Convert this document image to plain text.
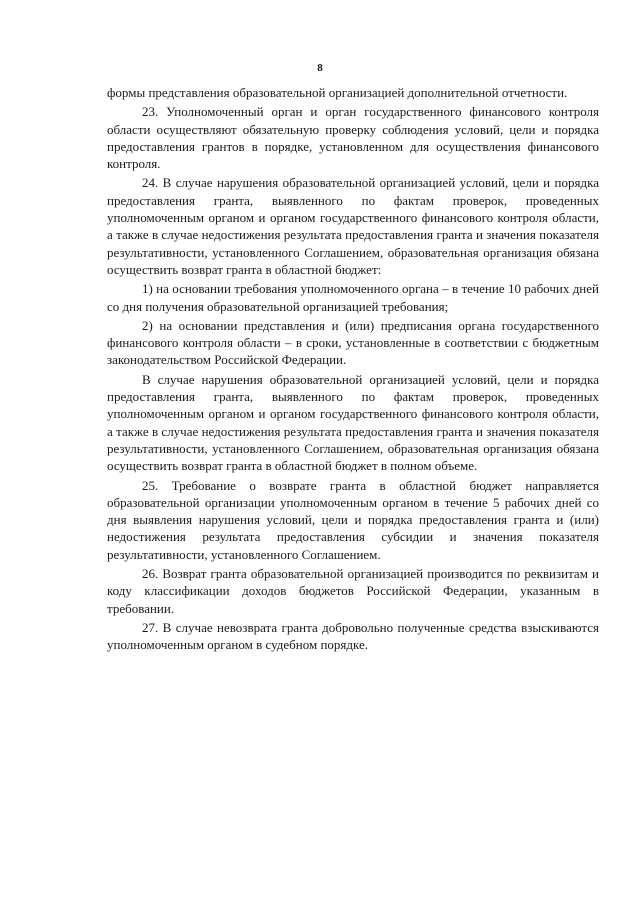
8

формы представления образовательной организацией дополнительной отчетности.

23. Уполномоченный орган и орган государственного финансового контроля области осуществляют обязательную проверку соблюдения условий, цели и порядка предоставления грантов в порядке, установленном для осуществления финансового контроля.

24. В случае нарушения образовательной организацией условий, цели и порядка предоставления гранта, выявленного по фактам проверок, проведенных уполномоченным органом и органом государственного финансового контроля области, а также в случае недостижения результата предоставления гранта и значения показателя результативности, установленного Соглашением, образовательная организация обязана осуществить возврат гранта в областной бюджет:

1) на основании требования уполномоченного органа – в течение 10 рабочих дней со дня получения образовательной организацией требования;

2) на основании представления и (или) предписания органа государственного финансового контроля области – в сроки, установленные в соответствии с бюджетным законодательством Российской Федерации.

В случае нарушения образовательной организацией условий, цели и порядка предоставления гранта, выявленного по фактам проверок, проведенных уполномоченным органом и органом государственного финансового контроля области, а также в случае недостижения результата предоставления гранта и значения показателя результативности, установленного Соглашением, образовательная организация обязана осуществить возврат гранта в областной бюджет в полном объеме.

25. Требование о возврате гранта в областной бюджет направляется образовательной организации уполномоченным органом в течение 5 рабочих дней со дня выявления нарушения условий, цели и порядка предоставления гранта и (или) недостижения результата предоставления субсидии и значения показателя результативности, установленного Соглашением.

26. Возврат гранта образовательной организацией производится по реквизитам и коду классификации доходов бюджетов Российской Федерации, указанным в требовании.

27. В случае невозврата гранта добровольно полученные средства взыскиваются уполномоченным органом в судебном порядке.
